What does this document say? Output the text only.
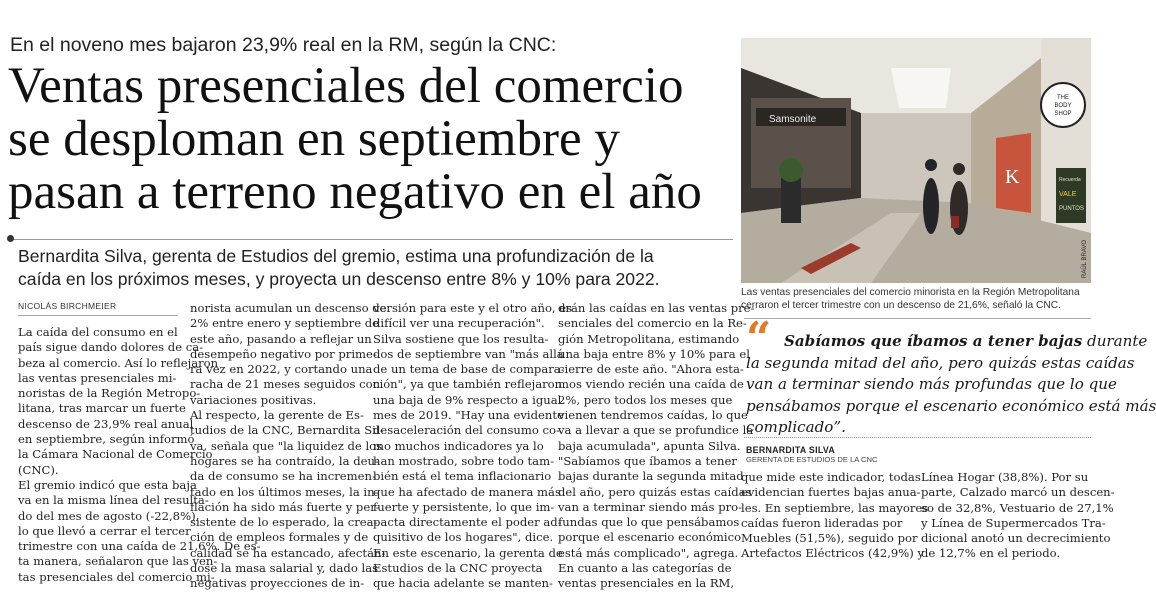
En el noveno mes bajaron 23,9% real en la RM, según la CNC:
Ventas presenciales del comercio
se desploman en septiembre y
pasan a terreno negativo en el año
Bernardita Silva, gerenta de Estudios del gremio, estima una profundización de la
caída en los próximos meses, y proyecta un descenso entre 8% y 10% para 2022.
NICOLÁS BIRCHMEIER
La caída del consumo en el
país sigue dando dolores de ca-
beza al comercio. Así lo reflejaron
las ventas presenciales mi-
noristas de la Región Metropo-
litana, tras marcar un fuerte
descenso de 23,9% real anual
en septiembre, según informó
la Cámara Nacional de Comercio
(CNC).
El gremio indicó que esta baja
va en la misma línea del resulta-
do del mes de agosto (-22,8%),
lo que llevó a cerrar el tercer
trimestre con una caída de 21,6%. De es-
ta manera, señalaron que las ven-
tas presenciales del comercio mi-
norista acumulan un descenso de
2% entre enero y septiembre de
este año, pasando a reflejar un
desempeño negativo por prime-
ra vez en 2022, y cortando una
racha de 21 meses seguidos con
variaciones positivas.
Al respecto, la gerente de Es-
tudios de la CNC, Bernardita Sil-
va, señala que "la liquidez de los
hogares se ha contraído, la deu-
da de consumo se ha incremen-
tado en los últimos meses, la in-
flación ha sido más fuerte y per-
sistente de lo esperado, la crea-
ción de empleos formales y de
calidad se ha estancado, afectán-
dose la masa salarial y, dado las
negativas proyecciones de in-
versión para este y el otro año, es
difícil ver una recuperación".
Silva sostiene que los resulta-
dos de septiembre van "más allá
de un tema de base de compara-
ción", ya que también reflejaron
una baja de 9% respecto a igual
mes de 2019. "Hay una evidente
desaceleración del consumo co-
mo muchos indicadores ya lo
han mostrado, sobre todo tam-
bién está el tema inflacionario
que ha afectado de manera más
fuerte y persistente, lo que im-
pacta directamente el poder ad-
quisitivo de los hogares", dice.
En este escenario, la gerenta de
Estudios de la CNC proyecta
que hacia adelante se manten-
drán las caídas en las ventas pre-
senciales del comercio en la Re-
gión Metropolitana, estimando
una baja entre 8% y 10% para el
cierre de este año. "Ahora esta-
mos viendo recién una caída de
2%, pero todos los meses que
vienen tendremos caídas, lo que
va a llevar a que se profundice la
baja acumulada", apunta Silva.
"Sabíamos que íbamos a tener
bajas durante la segunda mitad
del año, pero quizás estas caídas
van a terminar siendo más pro-
fundas que lo que pensábamos
porque el escenario económico
está más complicado", agrega.
En cuanto a las categorías de
ventas presenciales en la RM,
que mide este indicador, todas
evidencian fuertes bajas anua-
les. En septiembre, las mayores
caídas fueron lideradas por
Muebles (51,5%), seguido por
Artefactos Eléctricos (42,9%) y
Línea Hogar (38,8%). Por su
parte, Calzado marcó un descen-
so de 32,8%, Vestuario de 27,1%
y Línea de Supermercados Tra-
dicional anotó un decrecimiento
de 12,7% en el periodo.
Samsonite
K
THE
BODY
SHOP
Recuerda
VALE
PUNTOS
RAÚL BRAVO
Las ventas presenciales del comercio minorista en la Región Metropolitana
cerraron el tercer trimestre con un descenso de 21,6%, señaló la CNC.
“ Sabíamos que íbamos a tener bajas durante
la segunda mitad del año, pero quizás estas caídas
van a terminar siendo más profundas que lo que
pensábamos porque el escenario económico está más
complicado”.
BERNARDITA SILVA
GERENTA DE ESTUDIOS DE LA CNC
